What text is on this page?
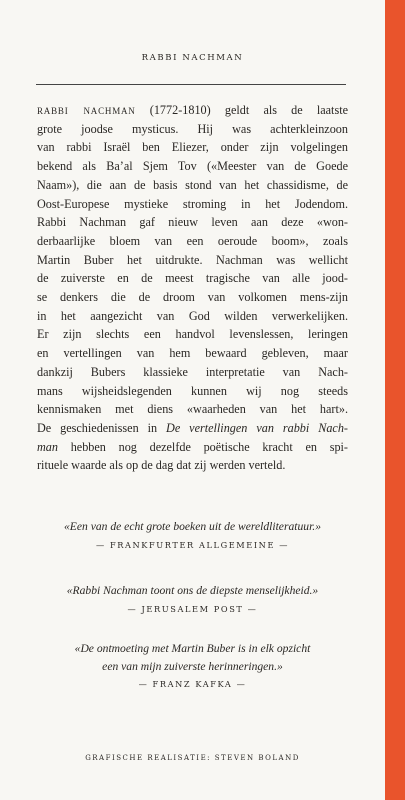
RABBI NACHMAN
rabbi nachman (1772-1810) geldt als de laatste
grote joodse mysticus. Hij was achterkleinzoon
van rabbi Israël ben Eliezer, onder zijn volgelingen
bekend als Ba’al Sjem Tov («Meester van de Goede
Naam»), die aan de basis stond van het chassidisme, de
Oost-Europese mystieke stroming in het Jodendom.
Rabbi Nachman gaf nieuw leven aan deze «won-
derbaarlijke bloem van een oeroude boom», zoals
Martin Buber het uitdrukte. Nachman was wellicht
de zuiverste en de meest tragische van alle jood-
se denkers die de droom van volkomen mens-zijn
in het aangezicht van God wilden verwerkelijken.
Er zijn slechts een handvol levenslessen, leringen
en vertellingen van hem bewaard gebleven, maar
dankzij Bubers klassieke interpretatie van Nach-
mans wijsheidslegenden kunnen wij nog steeds
kennismaken met diens «waarheden van het hart».
De geschiedenissen in De vertellingen van rabbi Nach-
man hebben nog dezelfde poëtische kracht en spi-
rituele waarde als op de dag dat zij werden verteld.
«Een van de echt grote boeken uit de wereldliteratuur.»
— FRANKFURTER ALLGEMEINE —
«Rabbi Nachman toont ons de diepste menselijkheid.»
— JERUSALEM POST —
«De ontmoeting met Martin Buber is in elk opzicht
een van mijn zuiverste herinneringen.»
— FRANZ KAFKA —
GRAFISCHE REALISATIE: STEVEN BOLAND
